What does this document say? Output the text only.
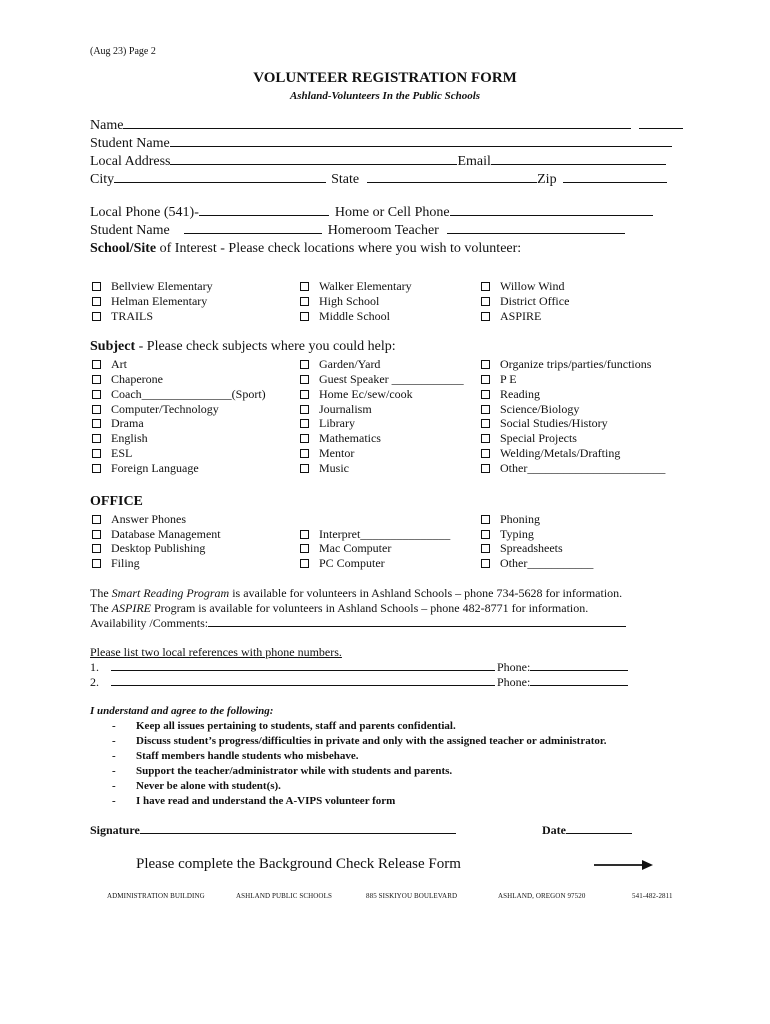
(Aug 23) Page 2
VOLUNTEER REGISTRATION FORM
Ashland-Volunteers In the Public Schools
Name
Student Name
Local Address	Email
City	State	Zip
Local Phone (541)-	Home or Cell Phone
Student Name	Homeroom Teacher
School/Site of Interest - Please check locations where you wish to volunteer:
Bellview Elementary
Helman Elementary
TRAILS
Walker Elementary
High School
Middle School
Willow Wind
District Office
ASPIRE
Subject - Please check subjects where you could help:
Art
Chaperone
Coach_______________(Sport)
Computer/Technology
Drama
English
ESL
Foreign Language
Garden/Yard
Guest Speaker ____________
Home Ec/sew/cook
Journalism
Library
Mathematics
Mentor
Music
Organize trips/parties/functions
P E
Reading
Science/Biology
Social Studies/History
Special Projects
Welding/Metals/Drafting
Other_______________________
OFFICE
Answer Phones
Database Management
Desktop Publishing
Filing
Interpret_______________
Mac Computer
PC Computer
Phoning
Typing
Spreadsheets
Other___________
The Smart Reading Program is available for volunteers in Ashland Schools – phone 734-5628 for information.
The ASPIRE Program is available for volunteers in Ashland Schools – phone 482-8771 for information.
Availability /Comments:
Please list two local references with phone numbers.
1.	Phone:
2.	Phone:
I understand and agree to the following:
- Keep all issues pertaining to students, staff and parents confidential.
- Discuss student’s progress/difficulties in private and only with the assigned teacher or administrator.
- Staff members handle students who misbehave.
- Support the teacher/administrator while with students and parents.
- Never be alone with student(s).
- I have read and understand the A-VIPS volunteer form
Signature	Date
Please complete the Background Check Release Form
ADMINISTRATION BUILDING	ASHLAND PUBLIC SCHOOLS	885 SISKIYOU BOULEVARD	ASHLAND, OREGON 97520	541-482-2811
